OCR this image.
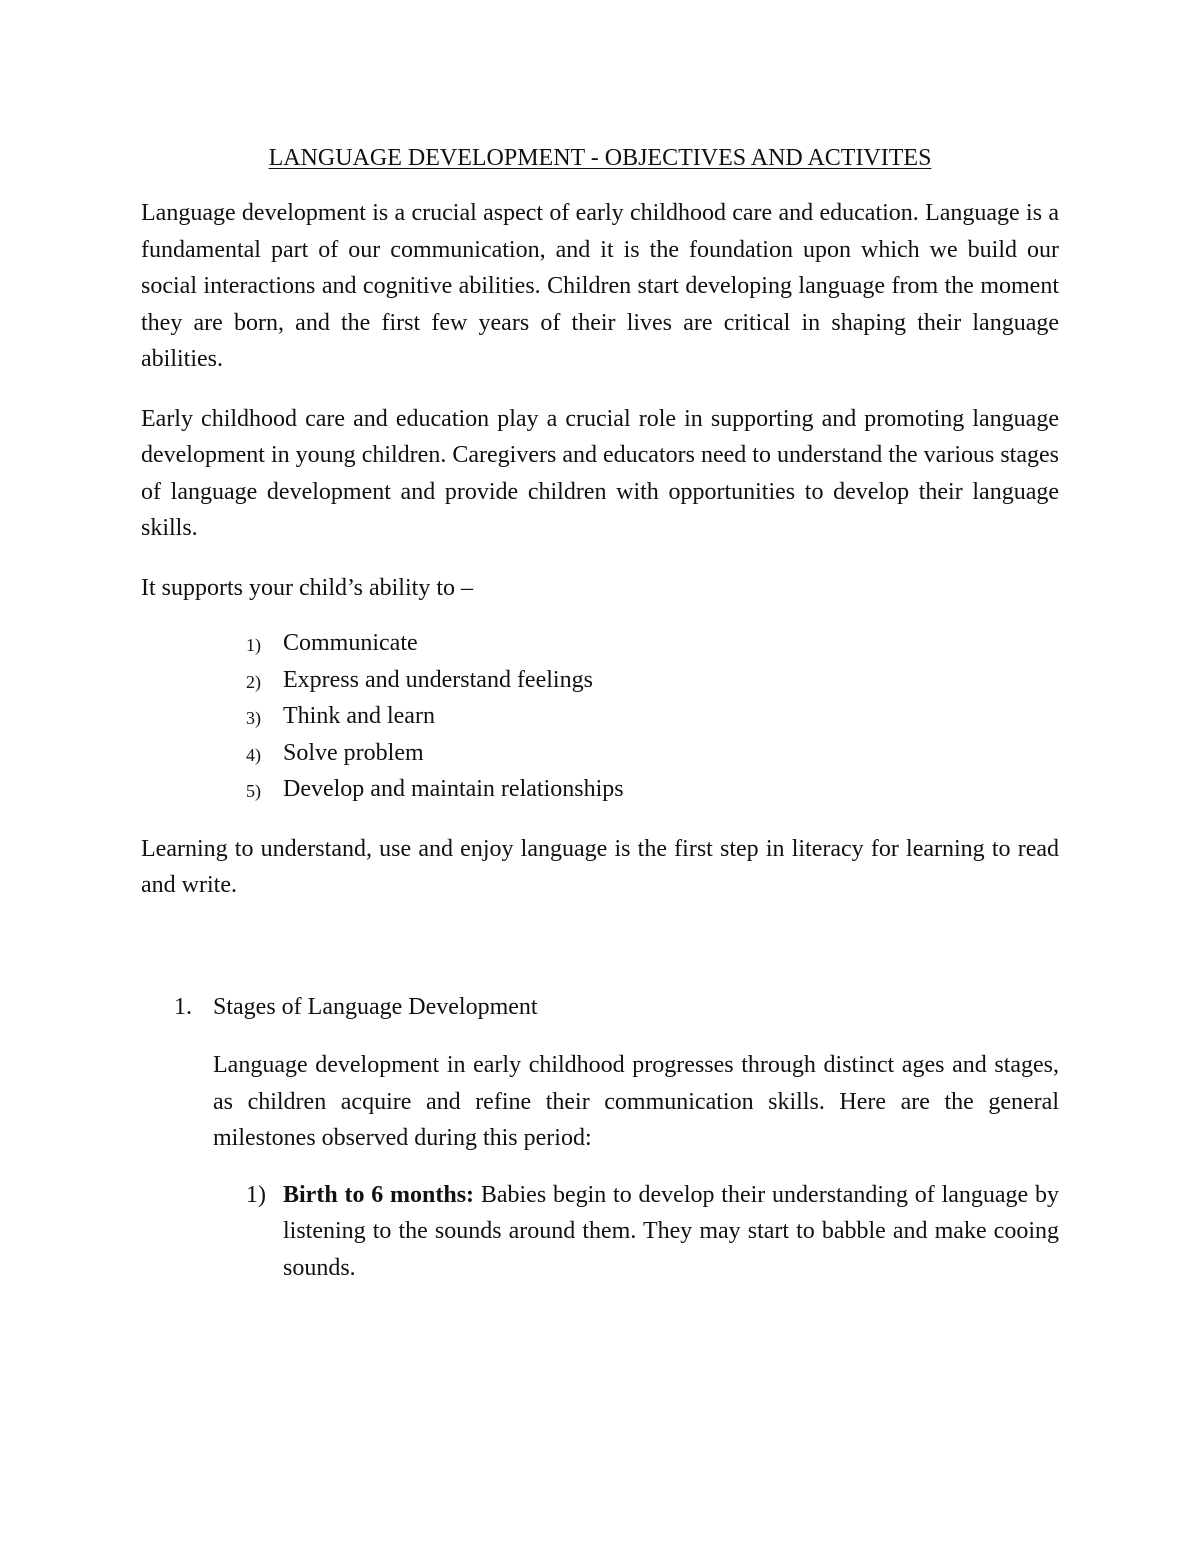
LANGUAGE DEVELOPMENT - OBJECTIVES AND ACTIVITES

Language development is a crucial aspect of early childhood care and education. Language is a fundamental part of our communication, and it is the foundation upon which we build our social interactions and cognitive abilities. Children start developing language from the moment they are born, and the first few years of their lives are critical in shaping their language abilities.

Early childhood care and education play a crucial role in supporting and promoting language development in young children. Caregivers and educators need to understand the various stages of language development and provide children with opportunities to develop their language skills.

It supports your child’s ability to –

1) Communicate
2) Express and understand feelings
3) Think and learn
4) Solve problem
5) Develop and maintain relationships

Learning to understand, use and enjoy language is the first step in literacy for learning to read and write.

1. Stages of Language Development

Language development in early childhood progresses through distinct ages and stages, as children acquire and refine their communication skills. Here are the general milestones observed during this period:

1) Birth to 6 months: Babies begin to develop their understanding of language by listening to the sounds around them. They may start to babble and make cooing sounds.
